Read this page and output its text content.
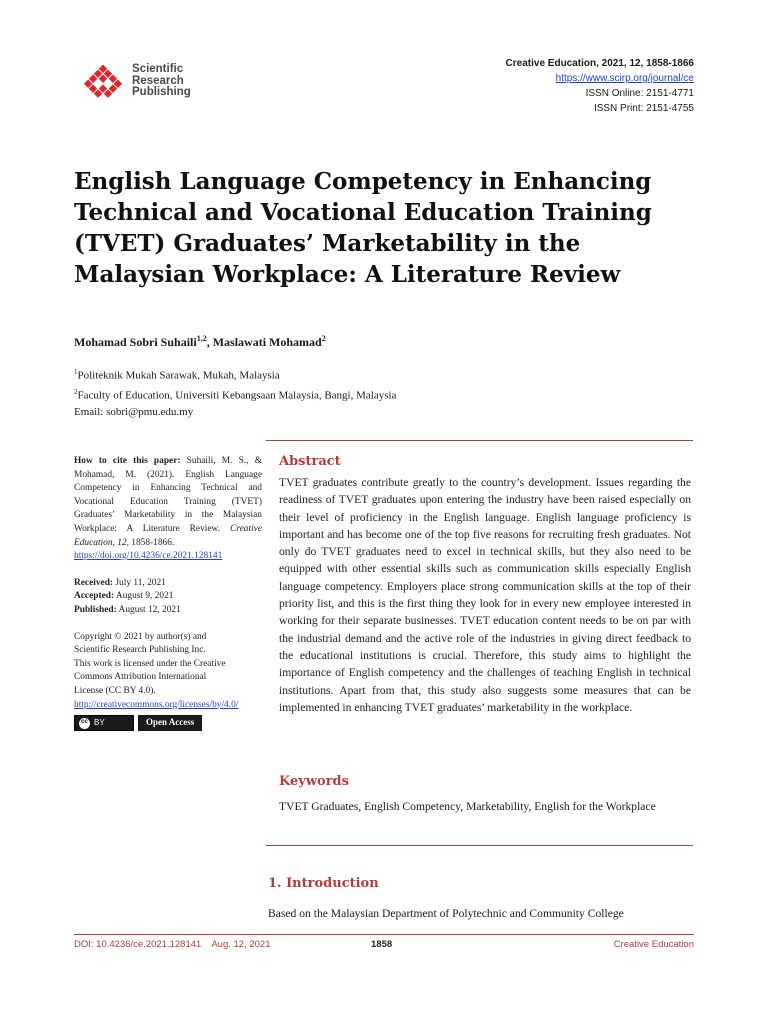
Scientific
Research
Publishing
Creative Education, 2021, 12, 1858-1866
https://www.scirp.org/journal/ce
ISSN Online: 2151-4771
ISSN Print: 2151-4755
English Language Competency in Enhancing Technical and Vocational Education Training (TVET) Graduates’ Marketability in the Malaysian Workplace: A Literature Review
Mohamad Sobri Suhaili$^{1,2}$, Maslawati Mohamad$^2$
$^1$Politeknik Mukah Sarawak, Mukah, Malaysia
$^2$Faculty of Education, Universiti Kebangsaan Malaysia, Bangi, Malaysia
Email: sobri@pmu.edu.my

How to cite this paper: Suhaili, M. S., & Mohamad, M. (2021). English Language Competency in Enhancing Technical and Vocational Education Training (TVET) Graduates’ Marketability in the Malaysian Workplace: A Literature Review. Creative Education, 12, 1858-1866.
https://doi.org/10.4236/ce.2021.128141

Received: July 11, 2021
Accepted: August 9, 2021
Published: August 12, 2021
Copyright © 2021 by author(s) and
Scientific Research Publishing Inc.
This work is licensed under the Creative
Commons Attribution International
License (CC BY 4.0).
http://creativecommons.org/licenses/by/4.0/
cc BY	Open Access
Abstract

TVET graduates contribute greatly to the country’s development. Issues regarding the readiness of TVET graduates upon entering the industry have been raised especially on their level of proficiency in the English language. English language proficiency is important and has become one of the top five reasons for recruiting fresh graduates. Not only do TVET graduates need to excel in technical skills, but they also need to be equipped with other essential skills such as communication skills especially English language competency. Employers place strong communication skills at the top of their priority list, and this is the first thing they look for in every new employee interested in working for their separate businesses. TVET education content needs to be on par with the industrial demand and the active role of the industries in giving direct feedback to the educational institutions is crucial. Therefore, this study aims to highlight the importance of English competency and the challenges of teaching English in technical institutions. Apart from that, this study also suggests some measures that can be implemented in enhancing TVET graduates’ marketability in the workplace.

Keywords

TVET Graduates, English Competency, Marketability, English for the Workplace

1. Introduction
Based on the Malaysian Department of Polytechnic and Community College
DOI: 10.4236/ce.2021.128141    Aug. 12, 2021	1858	Creative Education
